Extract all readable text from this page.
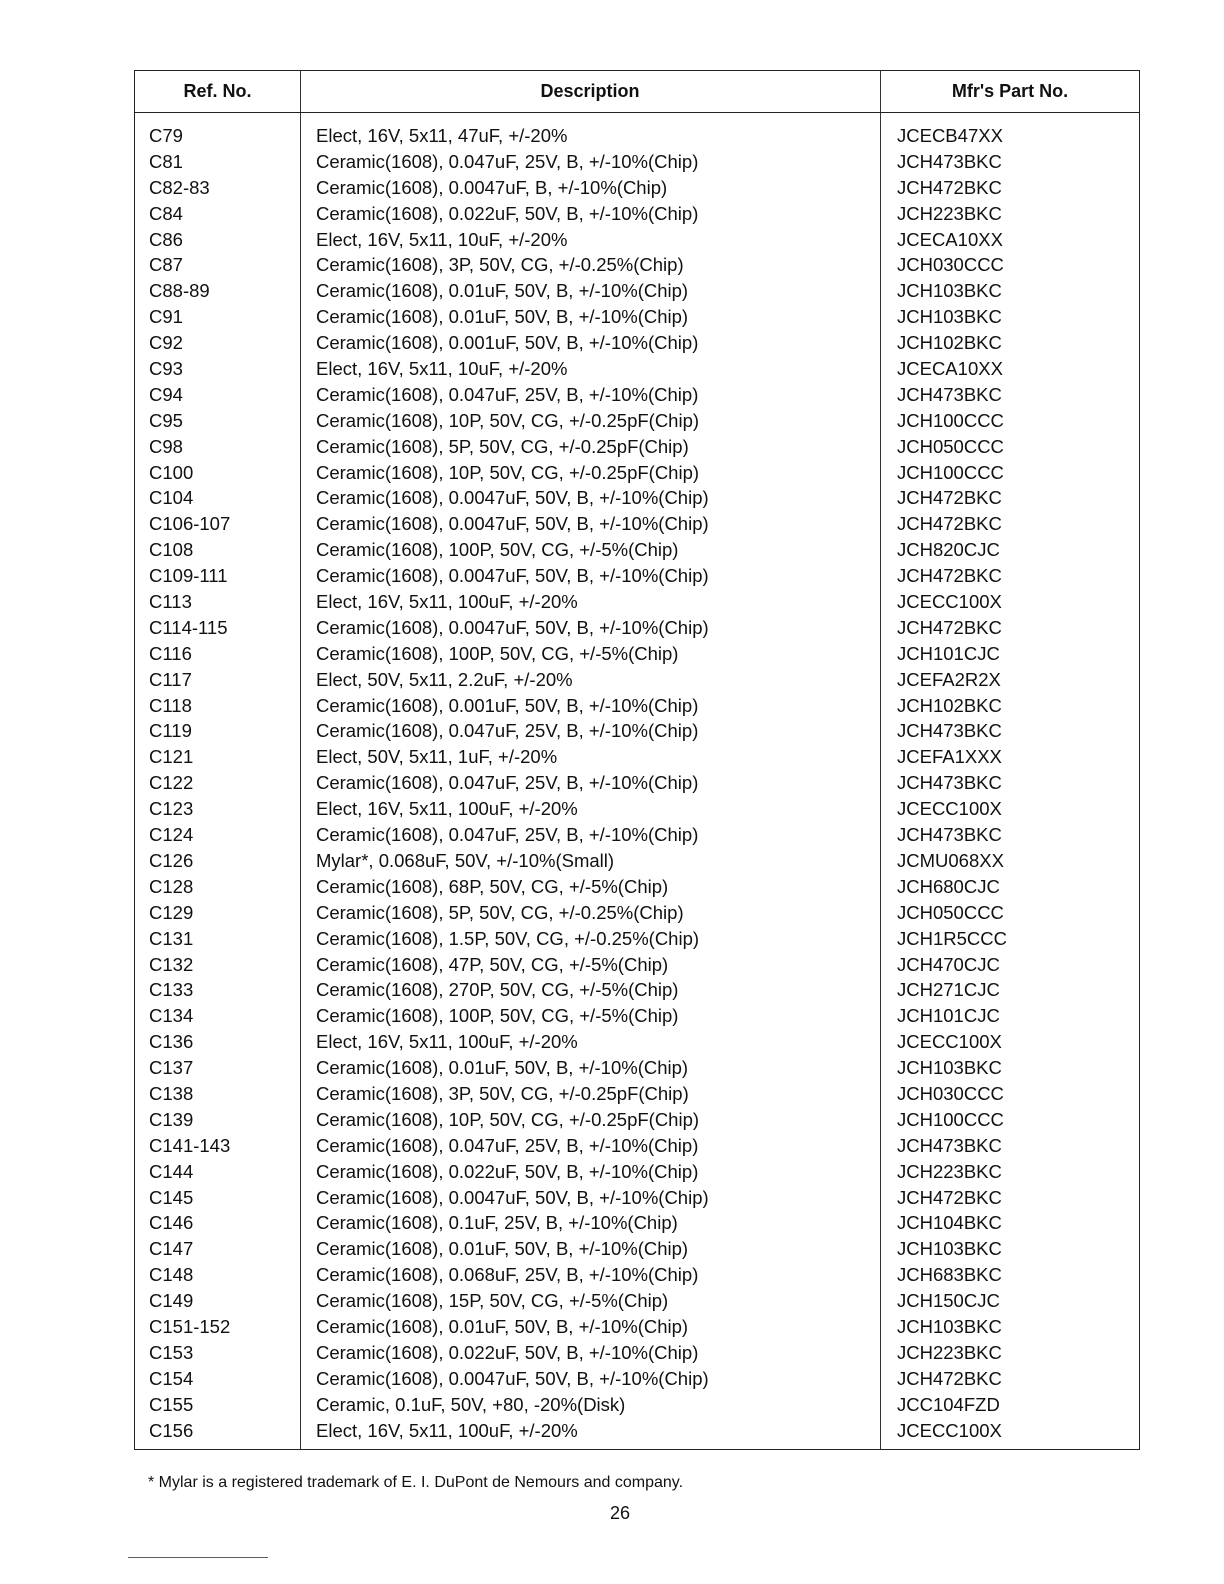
Ref. No.	Description	Mfr's Part No.
C79	Elect, 16V, 5x11, 47uF, +/-20%	JCECB47XX
C81	Ceramic(1608), 0.047uF, 25V, B, +/-10%(Chip)	JCH473BKC
C82-83	Ceramic(1608), 0.0047uF, B, +/-10%(Chip)	JCH472BKC
C84	Ceramic(1608), 0.022uF, 50V, B, +/-10%(Chip)	JCH223BKC
C86	Elect, 16V, 5x11, 10uF, +/-20%	JCECA10XX
C87	Ceramic(1608), 3P, 50V, CG, +/-0.25%(Chip)	JCH030CCC
C88-89	Ceramic(1608), 0.01uF, 50V, B, +/-10%(Chip)	JCH103BKC
C91	Ceramic(1608), 0.01uF, 50V, B, +/-10%(Chip)	JCH103BKC
C92	Ceramic(1608), 0.001uF, 50V, B, +/-10%(Chip)	JCH102BKC
C93	Elect, 16V, 5x11, 10uF, +/-20%	JCECA10XX
C94	Ceramic(1608), 0.047uF, 25V, B, +/-10%(Chip)	JCH473BKC
C95	Ceramic(1608), 10P, 50V, CG, +/-0.25pF(Chip)	JCH100CCC
C98	Ceramic(1608), 5P, 50V, CG, +/-0.25pF(Chip)	JCH050CCC
C100	Ceramic(1608), 10P, 50V, CG, +/-0.25pF(Chip)	JCH100CCC
C104	Ceramic(1608), 0.0047uF, 50V, B, +/-10%(Chip)	JCH472BKC
C106-107	Ceramic(1608), 0.0047uF, 50V, B, +/-10%(Chip)	JCH472BKC
C108	Ceramic(1608), 100P, 50V, CG, +/-5%(Chip)	JCH820CJC
C109-111	Ceramic(1608), 0.0047uF, 50V, B, +/-10%(Chip)	JCH472BKC
C113	Elect, 16V, 5x11, 100uF, +/-20%	JCECC100X
C114-115	Ceramic(1608), 0.0047uF, 50V, B, +/-10%(Chip)	JCH472BKC
C116	Ceramic(1608), 100P, 50V, CG, +/-5%(Chip)	JCH101CJC
C117	Elect, 50V, 5x11, 2.2uF, +/-20%	JCEFA2R2X
C118	Ceramic(1608), 0.001uF, 50V, B, +/-10%(Chip)	JCH102BKC
C119	Ceramic(1608), 0.047uF, 25V, B, +/-10%(Chip)	JCH473BKC
C121	Elect, 50V, 5x11, 1uF, +/-20%	JCEFA1XXX
C122	Ceramic(1608), 0.047uF, 25V, B, +/-10%(Chip)	JCH473BKC
C123	Elect, 16V, 5x11, 100uF, +/-20%	JCECC100X
C124	Ceramic(1608), 0.047uF, 25V, B, +/-10%(Chip)	JCH473BKC
C126	Mylar*, 0.068uF, 50V, +/-10%(Small)	JCMU068XX
C128	Ceramic(1608), 68P, 50V, CG, +/-5%(Chip)	JCH680CJC
C129	Ceramic(1608), 5P, 50V, CG, +/-0.25%(Chip)	JCH050CCC
C131	Ceramic(1608), 1.5P, 50V, CG, +/-0.25%(Chip)	JCH1R5CCC
C132	Ceramic(1608), 47P, 50V, CG, +/-5%(Chip)	JCH470CJC
C133	Ceramic(1608), 270P, 50V, CG, +/-5%(Chip)	JCH271CJC
C134	Ceramic(1608), 100P, 50V, CG, +/-5%(Chip)	JCH101CJC
C136	Elect, 16V, 5x11, 100uF, +/-20%	JCECC100X
C137	Ceramic(1608), 0.01uF, 50V, B, +/-10%(Chip)	JCH103BKC
C138	Ceramic(1608), 3P, 50V, CG, +/-0.25pF(Chip)	JCH030CCC
C139	Ceramic(1608), 10P, 50V, CG, +/-0.25pF(Chip)	JCH100CCC
C141-143	Ceramic(1608), 0.047uF, 25V, B, +/-10%(Chip)	JCH473BKC
C144	Ceramic(1608), 0.022uF, 50V, B, +/-10%(Chip)	JCH223BKC
C145	Ceramic(1608), 0.0047uF, 50V, B, +/-10%(Chip)	JCH472BKC
C146	Ceramic(1608), 0.1uF, 25V, B, +/-10%(Chip)	JCH104BKC
C147	Ceramic(1608), 0.01uF, 50V, B, +/-10%(Chip)	JCH103BKC
C148	Ceramic(1608), 0.068uF, 25V, B, +/-10%(Chip)	JCH683BKC
C149	Ceramic(1608), 15P, 50V, CG, +/-5%(Chip)	JCH150CJC
C151-152	Ceramic(1608), 0.01uF, 50V, B, +/-10%(Chip)	JCH103BKC
C153	Ceramic(1608), 0.022uF, 50V, B, +/-10%(Chip)	JCH223BKC
C154	Ceramic(1608), 0.0047uF, 50V, B, +/-10%(Chip)	JCH472BKC
C155	Ceramic, 0.1uF, 50V, +80, -20%(Disk)	JCC104FZD
C156	Elect, 16V, 5x11, 100uF, +/-20%	JCECC100X
* Mylar is a registered trademark of E. I. DuPont de Nemours and company.
26
